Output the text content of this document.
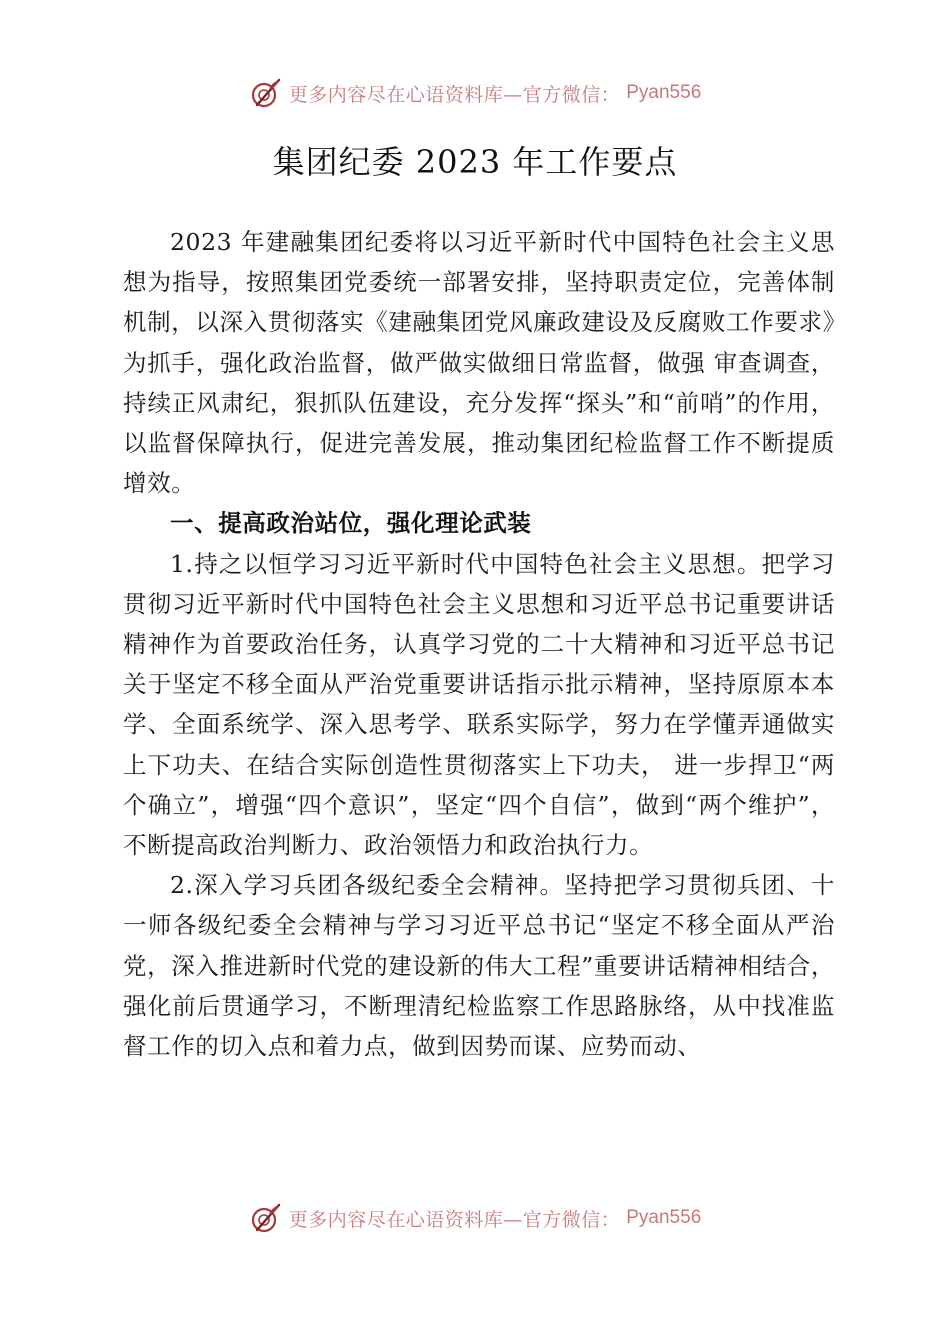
更多内容尽在心语资料库—官方微信： Pyan556
集团纪委 2023 年工作要点

2023 年建融集团纪委将以习近平新时代中国特色社会主义思想为指导，按照集团党委统一部署安排，坚持职责定位，完善体制机制，以深入贯彻落实《建融集团党风廉政建设及反腐败工作要求》为抓手，强化政治监督，做严做实做细日常监督，做强 审查调查，持续正风肃纪，狠抓队伍建设，充分发挥“探头”和“前哨”的作用，以监督保障执行，促进完善发展，推动集团纪检监督工作不断提质增效。

一、提高政治站位，强化理论武装

1.持之以恒学习习近平新时代中国特色社会主义思想。把学习贯彻习近平新时代中国特色社会主义思想和习近平总书记重要讲话精神作为首要政治任务，认真学习党的二十大精神和习近平总书记关于坚定不移全面从严治党重要讲话指示批示精神，坚持原原本本学、全面系统学、深入思考学、联系实际学，努力在学懂弄通做实上下功夫、在结合实际创造性贯彻落实上下功夫， 进一步捍卫“两个确立”，增强“四个意识”，坚定“四个自信”，做到“两个维护”，不断提高政治判断力、政治领悟力和政治执行力。

2.深入学习兵团各级纪委全会精神。坚持把学习贯彻兵团、十一师各级纪委全会精神与学习习近平总书记“坚定不移全面从严治党，深入推进新时代党的建设新的伟大工程”重要讲话精神相结合，强化前后贯通学习，不断理清纪检监察工作思路脉络，从中找准监督工作的切入点和着力点，做到因势而谋、应势而动、

更多内容尽在心语资料库—官方微信： Pyan556
